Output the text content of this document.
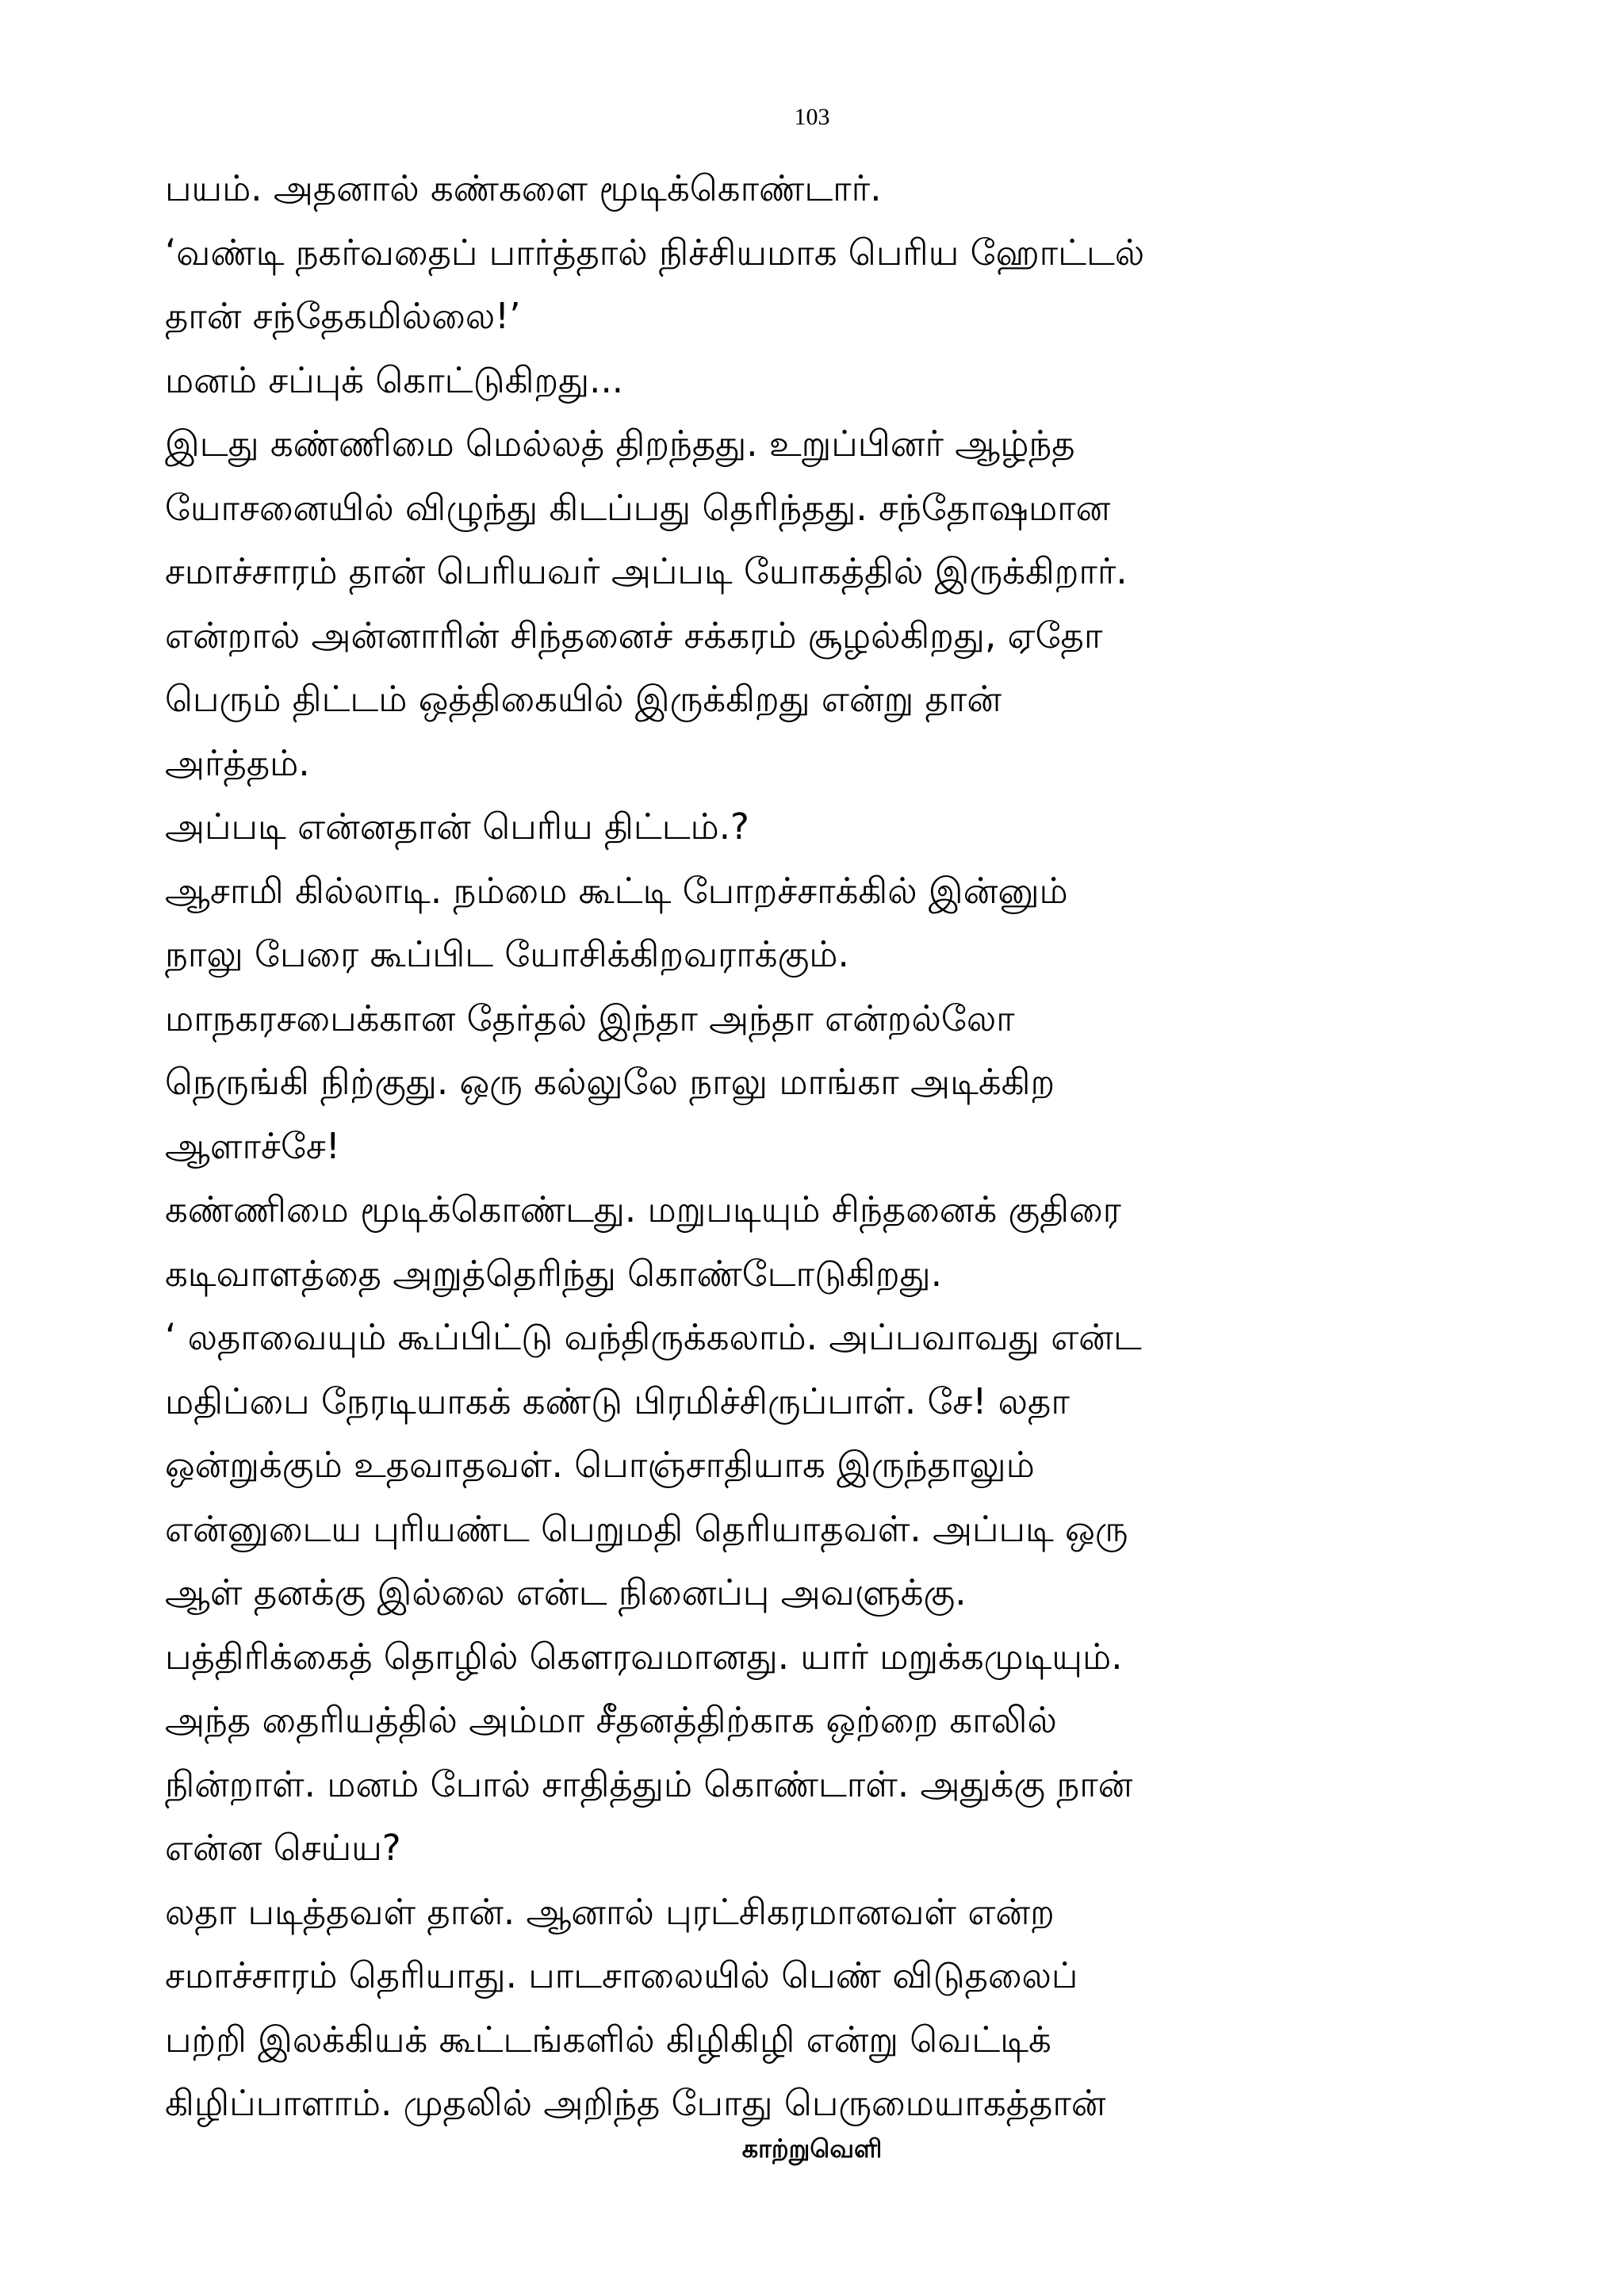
103
பயம். அதனால் கண்களை மூடிக்கொண்டார்.
‘வண்டி நகர்வதைப் பார்த்தால் நிச்சியமாக பெரிய ஹோட்டல்
தான் சந்தேகமில்லை!’
மனம் சப்புக் கொட்டுகிறது...
இடது கண்ணிமை மெல்லத் திறந்தது. உறுப்பினர் ஆழ்ந்த
யோசனையில் விழுந்து கிடப்பது தெரிந்தது. சந்தோஷமான
சமாச்சாரம் தான் பெரியவர் அப்படி யோகத்தில் இருக்கிறார்.
என்றால் அன்னாரின் சிந்தனைச் சக்கரம் சூழல்கிறது, ஏதோ
பெரும் திட்டம் ஒத்திகையில் இருக்கிறது என்று தான்
அர்த்தம்.
அப்படி என்னதான் பெரிய திட்டம்.?
ஆசாமி கில்லாடி. நம்மை கூட்டி போறச்சாக்கில் இன்னும்
நாலு பேரை கூப்பிட யோசிக்கிறவராக்கும்.
மாநகரசபைக்கான தேர்தல் இந்தா அந்தா என்றல்லோ
நெருங்கி நிற்குது. ஒரு கல்லுலே நாலு மாங்கா அடிக்கிற
ஆளாச்சே!
கண்ணிமை மூடிக்கொண்டது. மறுபடியும் சிந்தனைக் குதிரை
கடிவாளத்தை அறுத்தெரிந்து கொண்டோடுகிறது.
‘ லதாவையும் கூப்பிட்டு வந்திருக்கலாம். அப்பவாவது என்ட
மதிப்பை நேரடியாகக் கண்டு பிரமிச்சிருப்பாள். சே! லதா
ஒன்றுக்கும் உதவாதவள். பொஞ்சாதியாக இருந்தாலும்
என்னுடைய புரியண்ட பெறுமதி தெரியாதவள். அப்படி ஒரு
ஆள் தனக்கு இல்லை என்ட நினைப்பு அவளுக்கு.
பத்திரிக்கைத் தொழில் கௌரவமானது. யார் மறுக்கமுடியும்.
அந்த தைரியத்தில் அம்மா சீதனத்திற்காக ஒற்றை காலில்
நின்றாள். மனம் போல் சாதித்தும் கொண்டாள். அதுக்கு நான்
என்ன செய்ய?
லதா படித்தவள் தான். ஆனால் புரட்சிகரமானவள் என்ற
சமாச்சாரம் தெரியாது. பாடசாலையில் பெண் விடுதலைப்
பற்றி இலக்கியக் கூட்டங்களில் கிழிகிழி என்று வெட்டிக்
கிழிப்பாளாம். முதலில் அறிந்த போது பெருமையாகத்தான்
காற்றுவெளி
